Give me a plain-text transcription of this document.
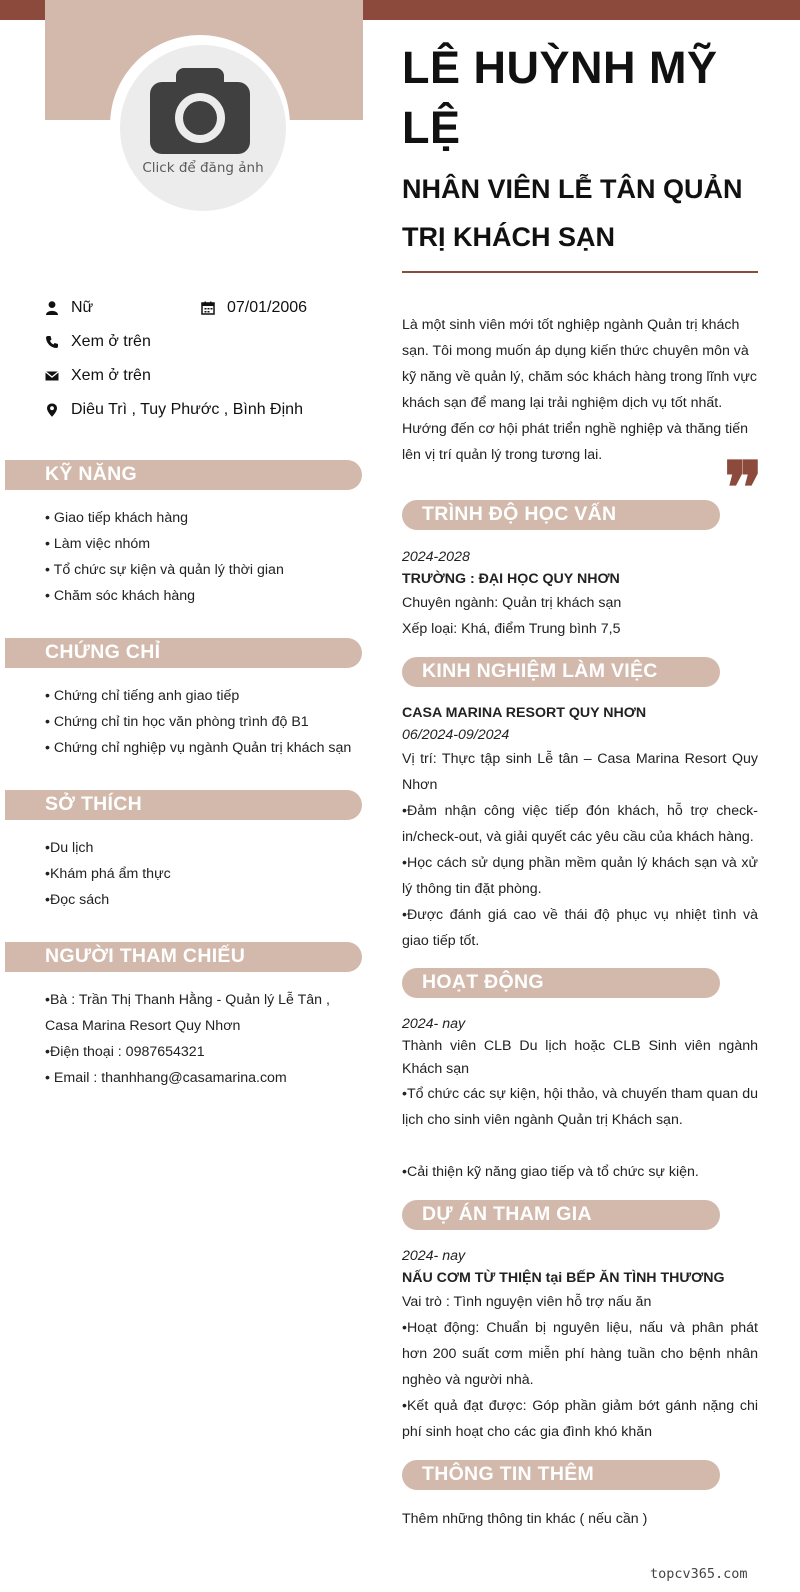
Click để đăng ảnh
LÊ HUỲNH MỸ LỆ
NHÂN VIÊN LỄ TÂN QUẢN TRỊ KHÁCH SẠN
Nữ	07/01/2006
Xem ở trên
Xem ở trên
Diêu Trì , Tuy Phước , Bình Định
Là một sinh viên mới tốt nghiệp ngành Quản trị khách sạn. Tôi mong muốn áp dụng kiến thức chuyên môn và kỹ năng về quản lý, chăm sóc khách hàng trong lĩnh vực khách sạn để mang lại trải nghiệm dịch vụ tốt nhất. Hướng đến cơ hội phát triển nghề nghiệp và thăng tiến lên vị trí quản lý trong tương lai.	❞
KỸ NĂNG
• Giao tiếp khách hàng
• Làm việc nhóm
• Tổ chức sự kiện và quản lý thời gian
• Chăm sóc khách hàng
CHỨNG CHỈ
• Chứng chỉ tiếng anh giao tiếp
• Chứng chỉ tin học văn phòng trình độ B1
• Chứng chỉ nghiệp vụ ngành Quản trị khách sạn
SỞ THÍCH
•Du lịch
•Khám phá ẩm thực
•Đọc sách
NGƯỜI THAM CHIẾU
•Bà : Trần Thị Thanh Hằng - Quản lý Lễ Tân , Casa Marina Resort Quy Nhơn
•Điện thoại : 0987654321
• Email : thanhhang@casamarina.com
TRÌNH ĐỘ HỌC VẤN

2024-2028

TRƯỜNG : ĐẠI HỌC QUY NHƠN

Chuyên ngành: Quản trị khách sạn

Xếp loại: Khá, điểm Trung bình 7,5

KINH NGHIỆM LÀM VIỆC

CASA MARINA RESORT QUY NHƠN

06/2024-09/2024

Vị trí: Thực tập sinh Lễ tân – Casa Marina Resort Quy Nhơn

•Đảm nhận công việc tiếp đón khách, hỗ trợ check-in/check-out, và giải quyết các yêu cầu của khách hàng.

•Học cách sử dụng phần mềm quản lý khách sạn và xử lý thông tin đặt phòng.

•Được đánh giá cao về thái độ phục vụ nhiệt tình và giao tiếp tốt.

HOẠT ĐỘNG

2024- nay

Thành viên CLB Du lịch hoặc CLB Sinh viên ngành Khách sạn

•Tổ chức các sự kiện, hội thảo, và chuyến tham quan du lịch cho sinh viên ngành Quản trị Khách sạn.

•Cải thiện kỹ năng giao tiếp và tổ chức sự kiện.

DỰ ÁN THAM GIA

2024- nay

NẤU CƠM TỪ THIỆN tại BẾP ĂN TÌNH THƯƠNG

Vai trò : Tình nguyện viên hỗ trợ nấu ăn

•Hoạt động: Chuẩn bị nguyên liệu, nấu và phân phát hơn 200 suất cơm miễn phí hàng tuần cho bệnh nhân nghèo và người nhà.

•Kết quả đạt được: Góp phần giảm bớt gánh nặng chi phí sinh hoạt cho các gia đình khó khăn

THÔNG TIN THÊM

Thêm những thông tin khác ( nếu cần )

topcv365.com
